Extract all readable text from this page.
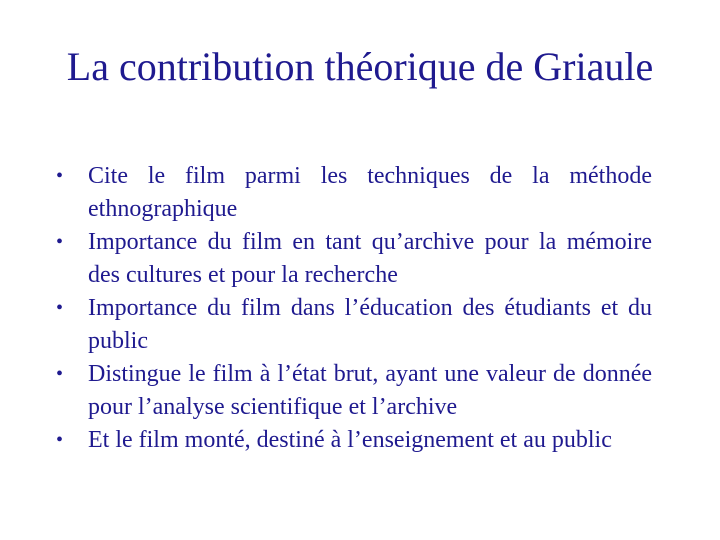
La contribution théorique de Griaule
•	Cite le film parmi les techniques de la méthode ethnographique
•	Importance du film en tant qu’archive pour la mémoire des cultures et pour la recherche
•	Importance du film dans l’éducation des étudiants et du public
•	Distingue le film à l’état brut, ayant une valeur de donnée pour l’analyse scientifique et l’archive
•	Et le film monté, destiné à l’enseignement et au public
